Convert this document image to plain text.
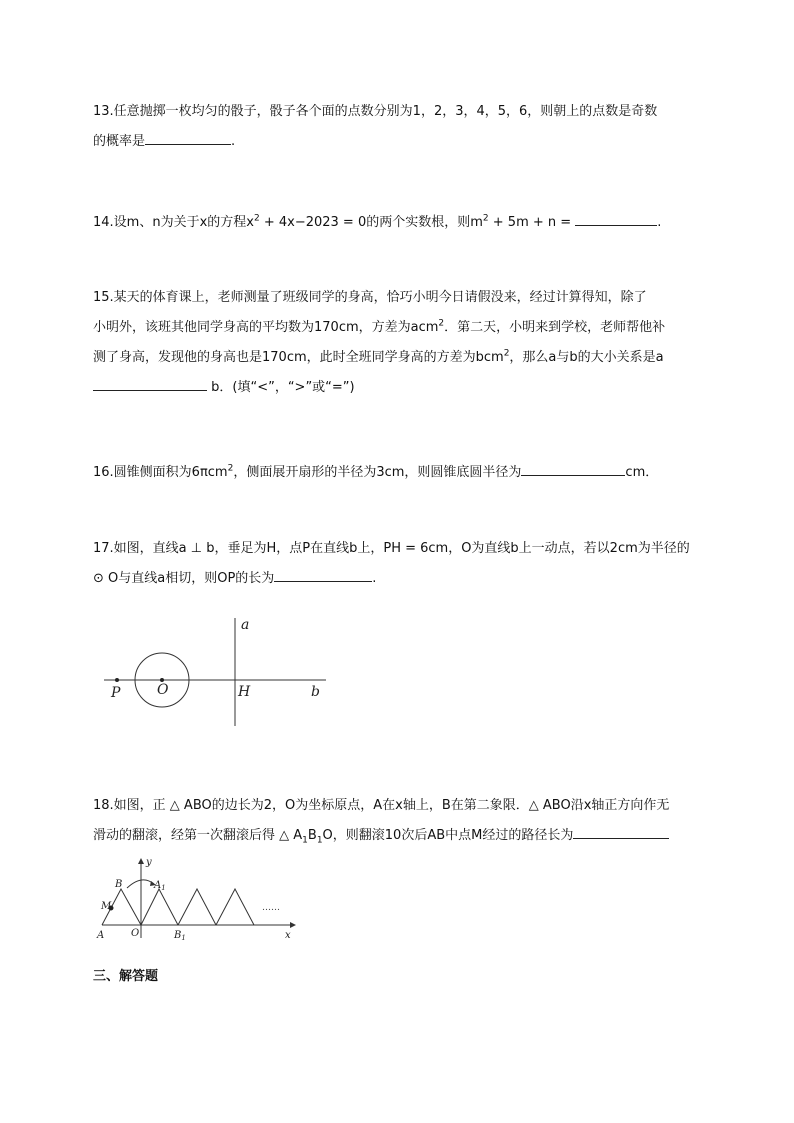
13.任意抛掷一枚均匀的骰子，骰子各个面的点数分别为1，2，3，4，5，6，则朝上的点数是奇数
的概率是	.
14.设m、n为关于x的方程$x^2 + 4x-2023 = 0$的两个实数根，则$m^2 + 5m + n$ =	.
15.某天的体育课上，老师测量了班级同学的身高，恰巧小明今日请假没来，经过计算得知，除了
小明外，该班其他同学身高的平均数为170cm，方差为acm$^2$．第二天，小明来到学校，老师帮他补
测了身高，发现他的身高也是170cm，此时全班同学身高的方差为bcm$^2$，那么a与b的大小关系是a
b．(填“<”，“>”或“=”)
16.圆锥侧面积为6πcm$^2$，侧面展开扇形的半径为3cm，则圆锥底圆半径为	cm．
17.如图，直线a ⊥ b，垂足为H，点P在直线b上，PH = 6cm，O为直线b上一动点，若以2cm为半径的
⊙ O与直线a相切，则OP的长为	.
a
b
P	O	H
18.如图，正 △ ABO的边长为2，O为坐标原点，A在x轴上，B在第二象限．△ ABO沿x轴正方向作无
滑动的翻滚，经第一次翻滚后得 △ $A_1B_1O$，则翻滚10次后AB中点M经过的路径长为
……
y
x
B	$A_1$
M
A	O	$B_1$
三、解答题
